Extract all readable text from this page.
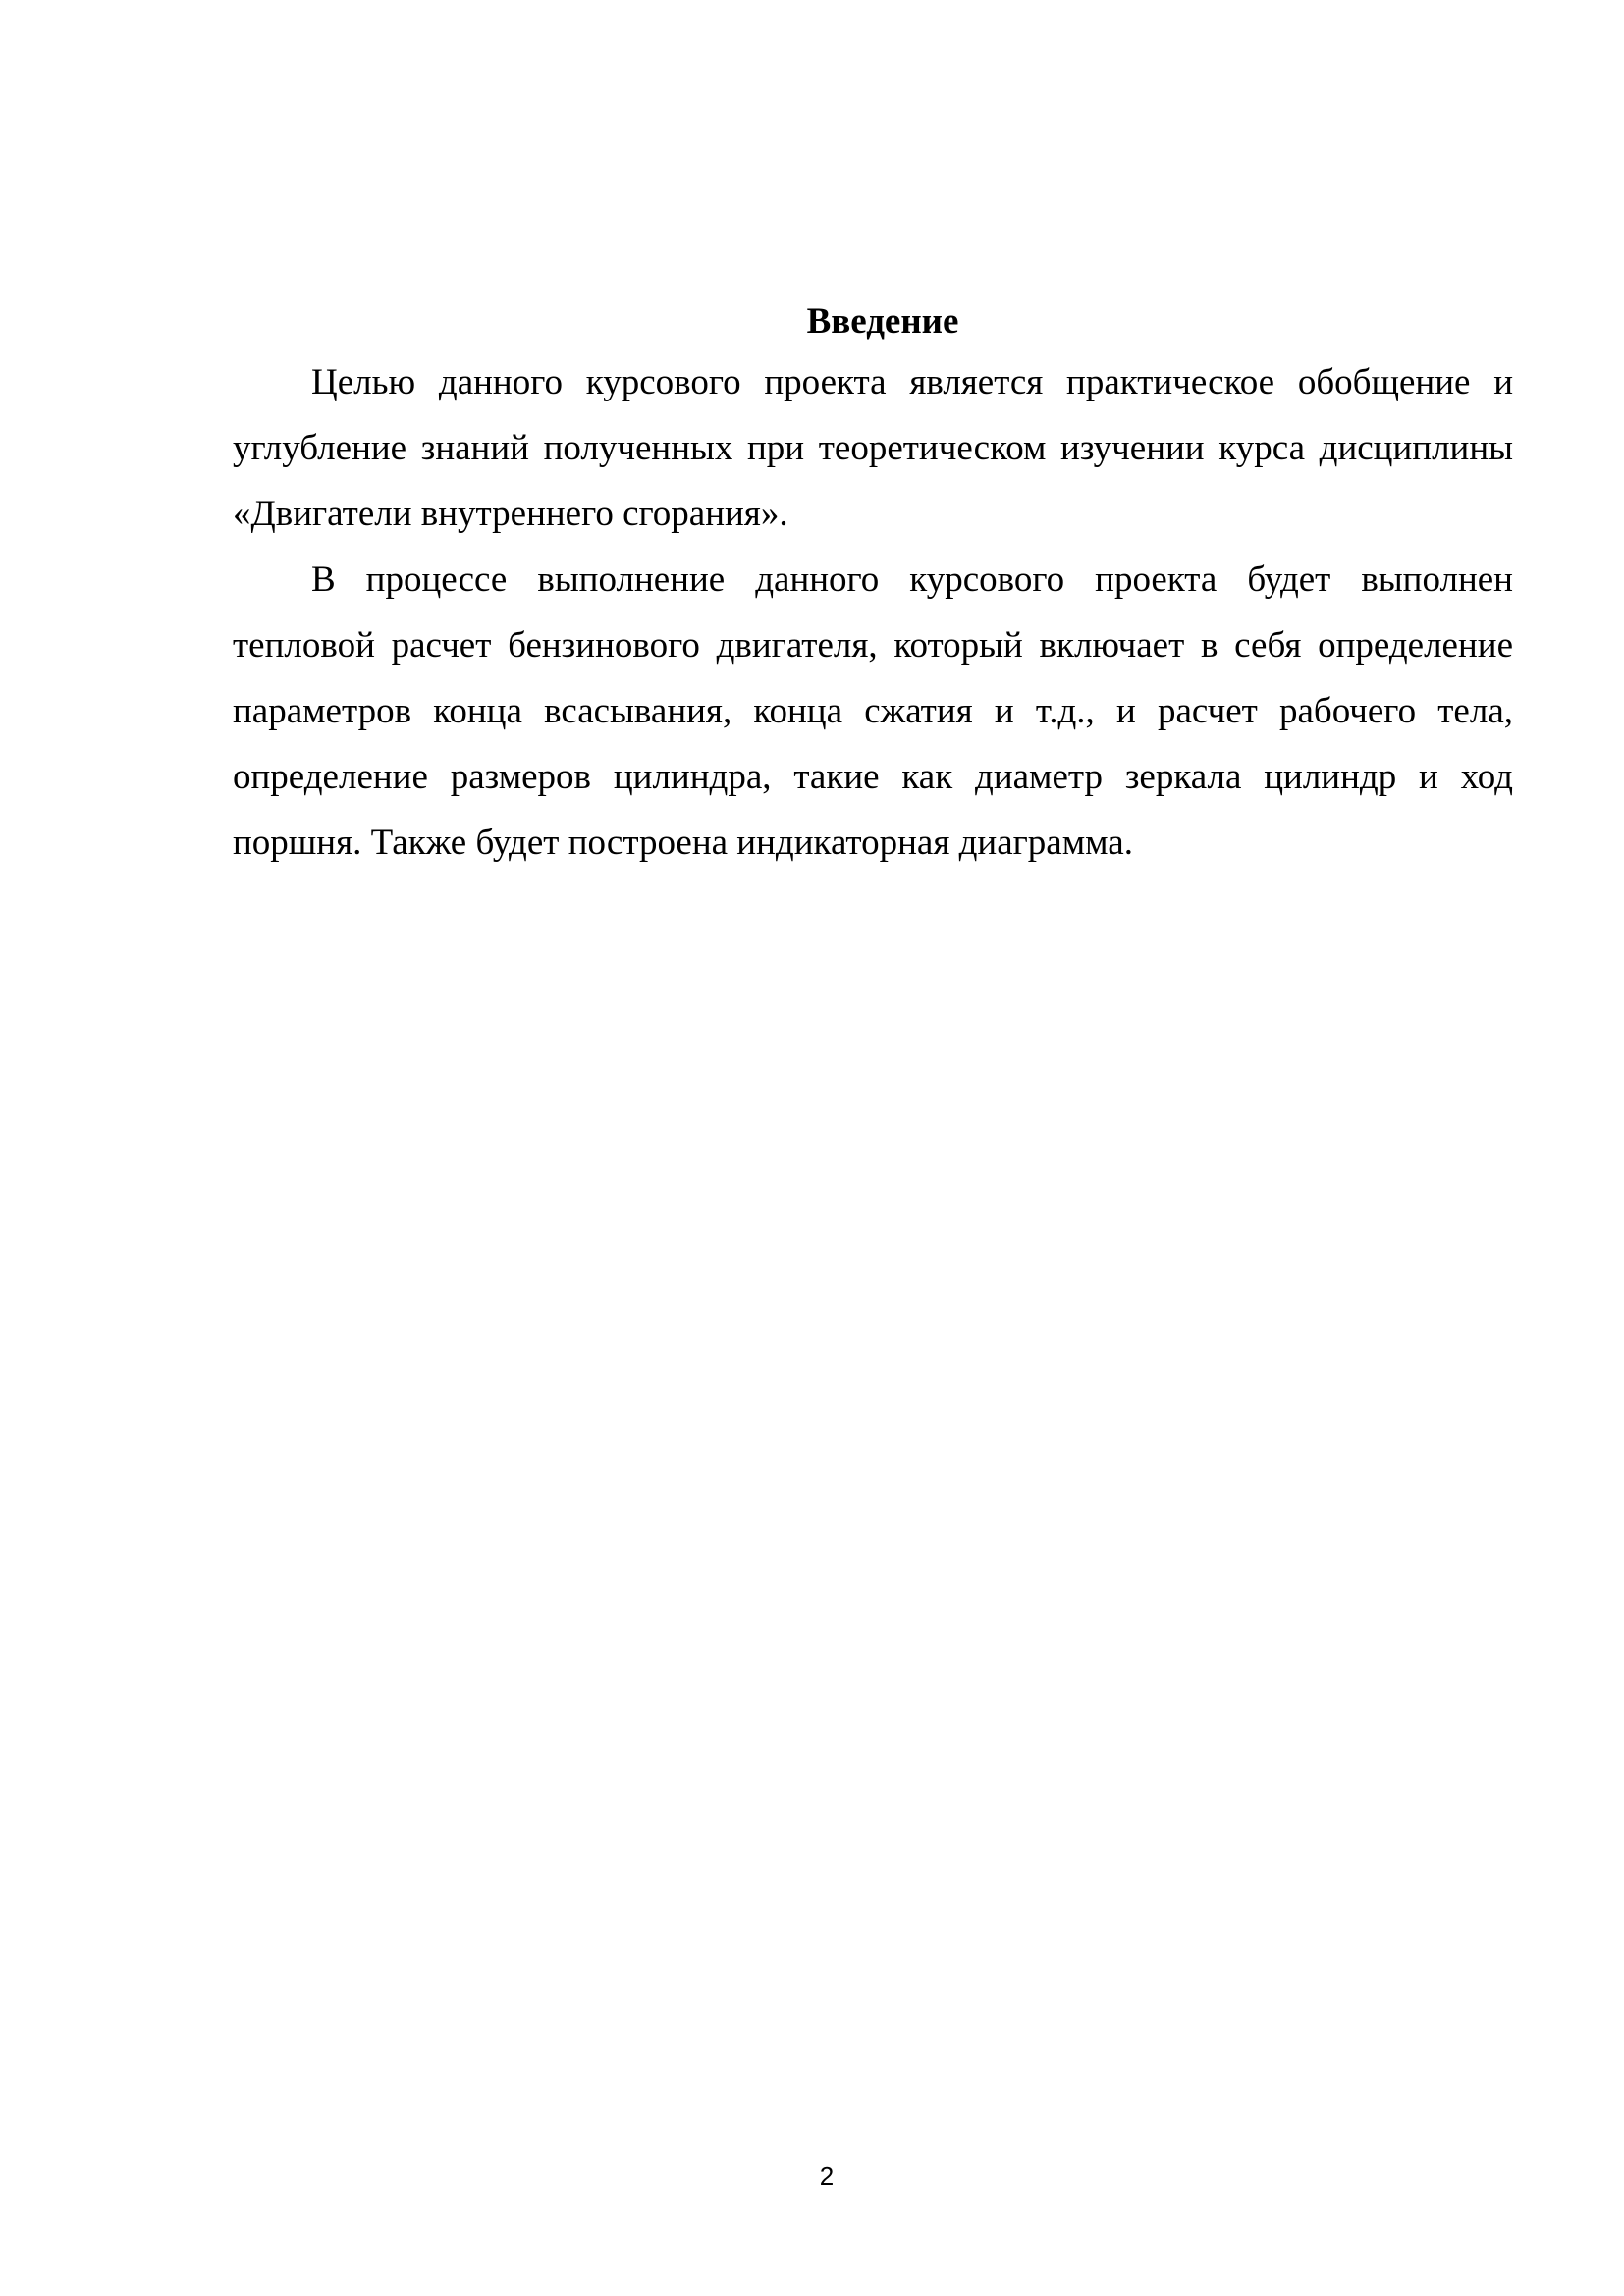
Введение

Целью данного курсового проекта является практическое обобщение и углубление знаний полученных при теоретическом изучении курса дисциплины «Двигатели внутреннего сгорания».

В процессе выполнение данного курсового проекта будет выполнен тепловой расчет бензинового двигателя, который включает в себя определение параметров конца всасывания, конца сжатия и т.д., и расчет рабочего тела, определение размеров цилиндра, такие как диаметр зеркала цилиндр и ход поршня. Также будет построена индикаторная диаграмма.

2
